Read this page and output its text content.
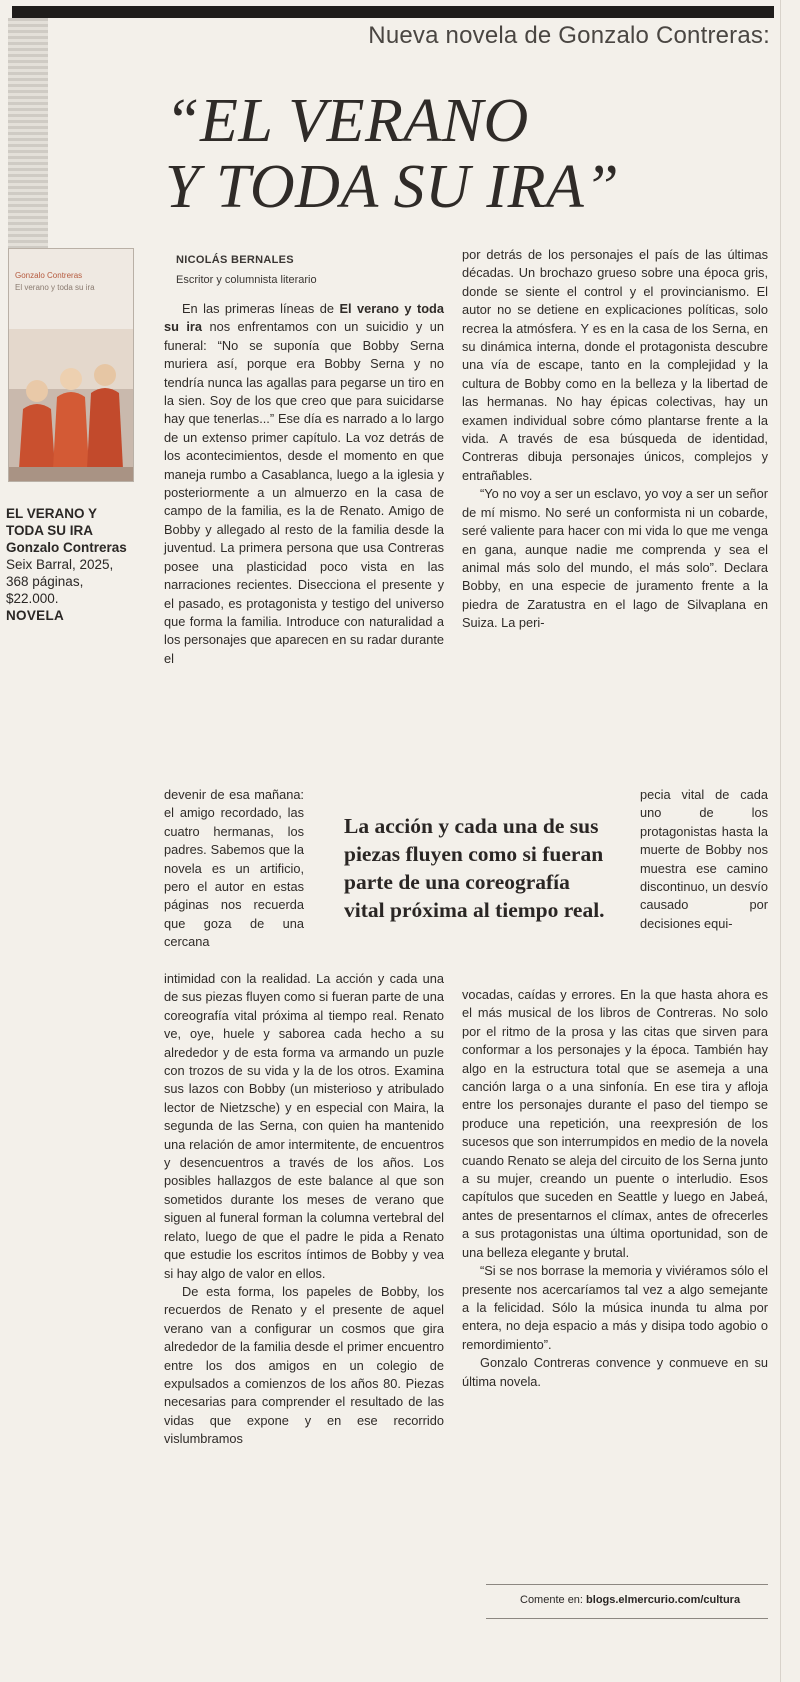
Nueva novela de Gonzalo Contreras:
“EL VERANO
Y TODA SU IRA”
Gonzalo Contreras
El verano y toda su ira
EL VERANO Y TODA SU IRA
Gonzalo Contreras
Seix Barral, 2025, 368 páginas, $22.000.
NOVELA
NICOLÁS BERNALES
Escritor y columnista literario

En las primeras líneas de El verano y toda su ira nos enfrentamos con un suicidio y un funeral: “No se suponía que Bobby Serna muriera así, porque era Bobby Serna y no tendría nunca las agallas para pegarse un tiro en la sien. Soy de los que creo que para suicidarse hay que tenerlas...” Ese día es narrado a lo largo de un extenso primer capítulo. La voz detrás de los acontecimientos, desde el momento en que maneja rumbo a Casablanca, luego a la iglesia y posteriormente a un almuerzo en la casa de campo de la familia, es la de Renato. Amigo de Bobby y allegado al resto de la familia desde la juventud. La primera persona que usa Contreras posee una plasticidad poco vista en las narraciones recientes. Diseccionа el presente y el pasado, es protagonista y testigo del universo que forma la familia. Introduce con naturalidad a los personajes que aparecen en su radar durante el

devenir de esa mañana: el amigo recordado, las cuatro hermanas, los padres. Sabemos que la novela es un artificio, pero el autor en estas páginas nos recuerda que goza de una cercana

La acción y cada una de sus piezas fluyen como si fueran parte de una coreografía vital próxima al tiempo real.

intimidad con la realidad. La acción y cada una de sus piezas fluyen como si fueran parte de una coreografía vital próxima al tiempo real. Renato ve, oye, huele y saborea cada hecho a su alrededor y de esta forma va armando un puzle con trozos de su vida y la de los otros. Examina sus lazos con Bobby (un misterioso y atribulado lector de Nietzsche) y en especial con Maira, la segunda de las Serna, con quien ha mantenido una relación de amor intermitente, de encuentros y desencuentros a través de los años. Los posibles hallazgos de este balance al que son sometidos durante los meses de verano que siguen al funeral forman la columna vertebral del relato, luego de que el padre le pida a Renato que estudie los escritos íntimos de Bobby y vea si hay algo de valor en ellos.

De esta forma, los papeles de Bobby, los recuerdos de Renato y el presente de aquel verano van a configurar un cosmos que gira alrededor de la familia desde el primer encuentro entre los dos amigos en un colegio de expulsados a comienzos de los años 80. Piezas necesarias para comprender el resultado de las vidas que expone y en ese recorrido vislumbramos

por detrás de los personajes el país de las últimas décadas. Un brochazo grueso sobre una época gris, donde se siente el control y el provincianismo. El autor no se detiene en explicaciones políticas, solo recrea la atmósfera. Y es en la casa de los Serna, en su dinámica interna, donde el protagonista descubre una vía de escape, tanto en la complejidad y la cultura de Bobby como en la belleza y la libertad de las hermanas. No hay épicas colectivas, hay un examen individual sobre cómo plantarse frente a la vida. A través de esa búsqueda de identidad, Contreras dibuja personajes únicos, complejos y entrañables.

“Yo no voy a ser un esclavo, yo voy a ser un señor de mí mismo. No seré un conformista ni un cobarde, seré valiente para hacer con mi vida lo que me venga en gana, aunque nadie me comprenda y sea el animal más solo del mundo, el más solo”. Declara Bobby, en una especie de juramento frente a la piedra de Zaratustra en el lago de Silvaplana en Suiza. La peri-

pecia vital de cada uno de los protagonistas hasta la muerte de Bobby nos muestra ese camino discontinuo, un desvío causado por decisiones equi-

vocadas, caídas y errores. En la que hasta ahora es el más musical de los libros de Contreras. No solo por el ritmo de la prosa y las citas que sirven para conformar a los personajes y la época. También hay algo en la estructura total que se asemeja a una canción larga o a una sinfonía. En ese tira y afloja entre los personajes durante el paso del tiempo se produce una repetición, una reexpresión de los sucesos que son interrumpidos en medio de la novela cuando Renato se aleja del circuito de los Serna junto a su mujer, creando un puente o interludio. Esos capítulos que suceden en Seattle y luego en Jabeá, antes de presentarnos el clímax, antes de ofrecerles a sus protagonistas una última oportunidad, son de una belleza elegante y brutal.

“Si se nos borrase la memoria y viviéramos sólo el presente nos acercaríamos tal vez a algo semejante a la felicidad. Sólo la música inunda tu alma por entera, no deja espacio a más y disipa todo agobio o remordimiento”.

Gonzalo Contreras convence y conmueve en su última novela.

Comente en: blogs.elmercurio.com/cultura
